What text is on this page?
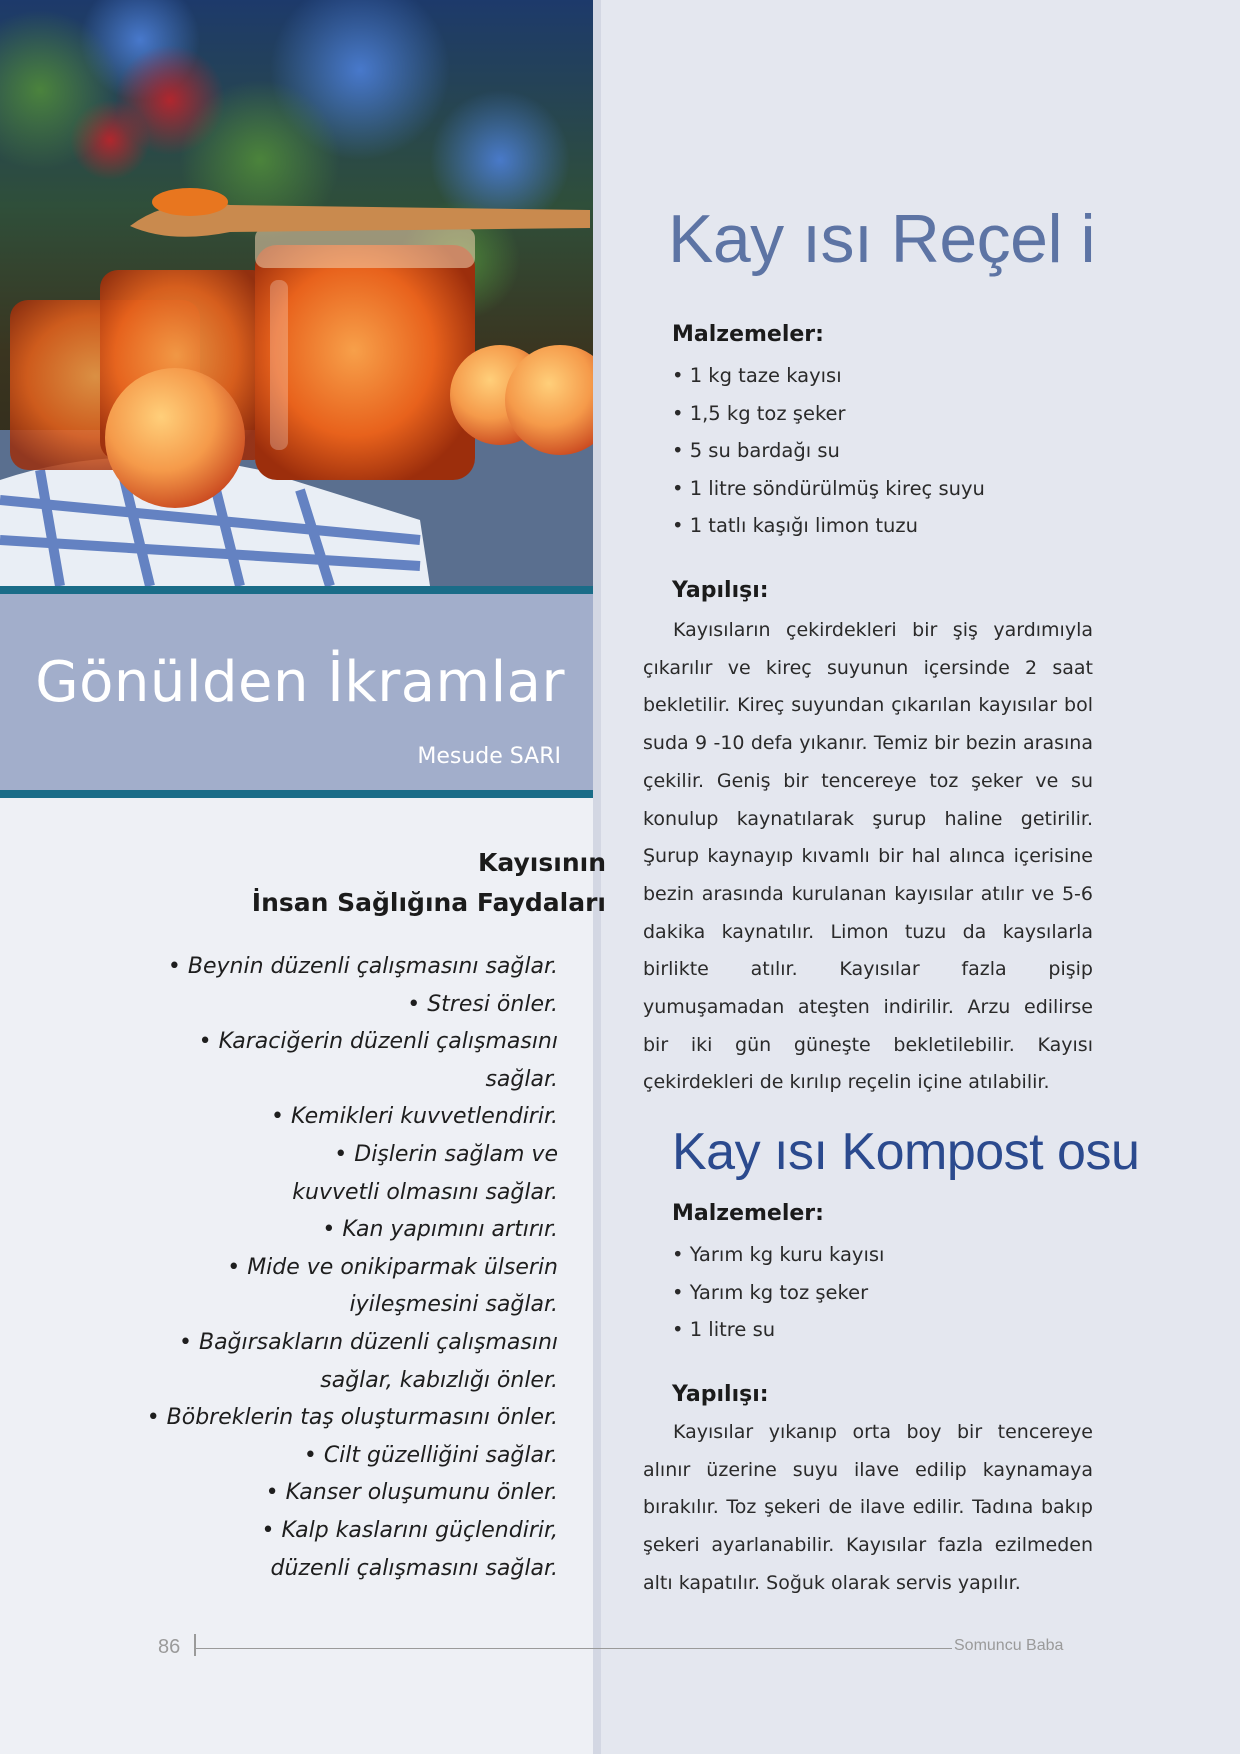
Gönülden İkramlar
Mesude SARI
Kayısının
İnsan Sağlığına Faydaları
• Beynin düzenli çalışmasını sağlar.
• Stresi önler.
• Karaciğerin düzenli çalışmasını
sağlar.
• Kemikleri kuvvetlendirir.
• Dişlerin sağlam ve
kuvvetli olmasını sağlar.
• Kan yapımını artırır.
• Mide ve onikiparmak ülserin
iyileşmesini sağlar.
• Bağırsakların düzenli çalışmasını
sağlar, kabızlığı önler.
• Böbreklerin taş oluşturmasını önler.
• Cilt güzelliğini sağlar.
• Kanser oluşumunu önler.
• Kalp kaslarını güçlendirir,
düzenli çalışmasını sağlar.
Kay ısı Reçel i
Malzemeler:
• 1 kg taze kayısı
• 1,5 kg toz şeker
• 5 su bardağı su
• 1 litre söndürülmüş kireç suyu
• 1 tatlı kaşığı limon tuzu
Yapılışı:

Kayısıların çekirdekleri bir şiş yardımıyla çıkarılır ve kireç suyunun içersinde 2 saat bekletilir. Kireç suyundan çıkarılan kayısılar bol suda 9 -10 defa yıkanır. Temiz bir bezin arasına çekilir. Geniş bir tencereye toz şeker ve su konulup kaynatılarak şurup haline getirilir. Şurup kaynayıp kıvamlı bir hal alınca içerisine bezin arasında kurulanan kayısılar atılır ve 5-6 dakika kaynatılır. Limon tuzu da kaysılarla birlikte atılır. Kayısılar fazla pişip yumuşamadan ateşten indirilir. Arzu edilirse bir iki gün güneşte bekletilebilir. Kayısı çekirdekleri de kırılıp reçelin içine atılabilir.

Kay ısı Kompost osu
Malzemeler:
• Yarım kg kuru kayısı
• Yarım kg toz şeker
• 1 litre su
Yapılışı:

Kayısılar yıkanıp orta boy bir tencereye alınır üzerine suyu ilave edilip kaynamaya bırakılır. Toz şekeri de ilave edilir. Tadına bakıp şekeri ayarlanabilir. Kayısılar fazla ezilmeden altı kapatılır. Soğuk olarak servis yapılır.

86	Somuncu Baba
